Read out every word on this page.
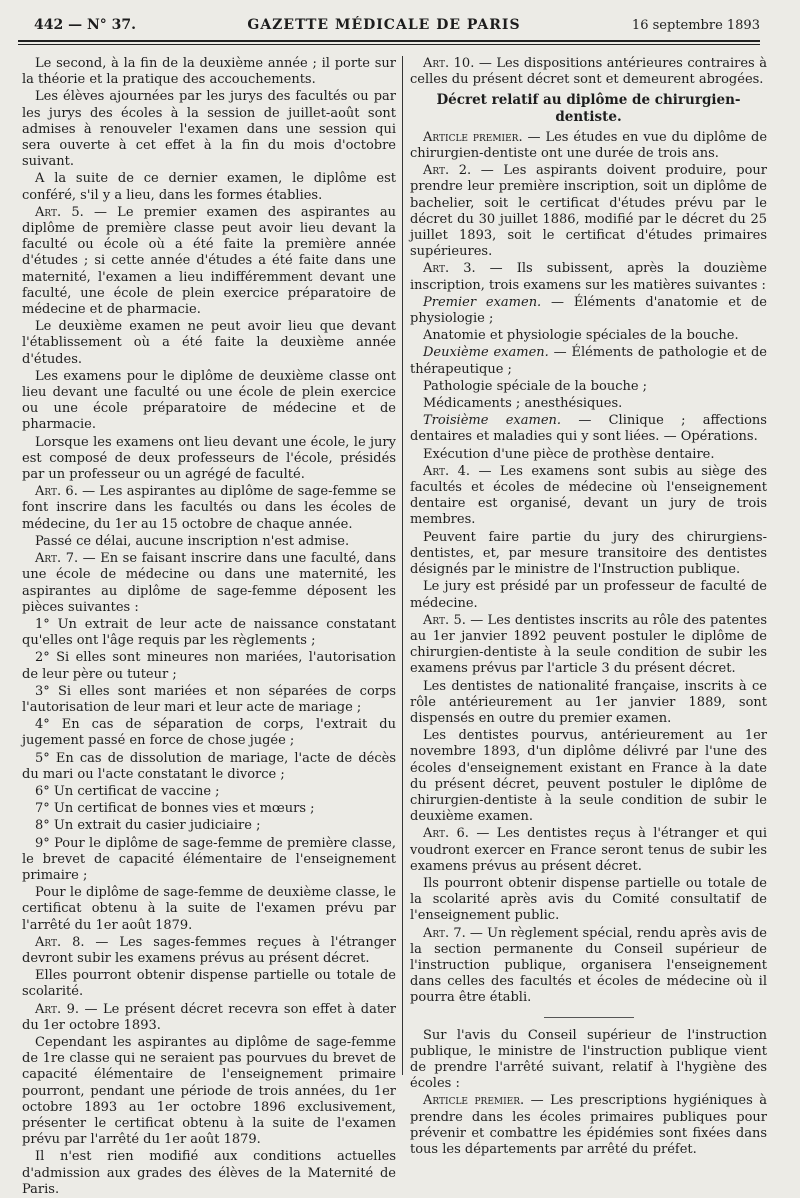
442 — N° 37.	GAZETTE MÉDICALE DE PARIS	16 septembre 1893

Le second, à la fin de la deuxième année ; il porte sur la théorie et la pratique des accouchements.

Les élèves ajournées par les jurys des facultés ou par les jurys des écoles à la session de juillet-août sont admises à renouveler l'examen dans une session qui sera ouverte à cet effet à la fin du mois d'octobre suivant.

A la suite de ce dernier examen, le diplôme est conféré, s'il y a lieu, dans les formes établies.

Art. 5. — Le premier examen des aspirantes au diplôme de première classe peut avoir lieu devant la faculté ou école où a été faite la première année d'études ; si cette année d'études a été faite dans une maternité, l'examen a lieu indifféremment devant une faculté, une école de plein exercice préparatoire de médecine et de pharmacie.

Le deuxième examen ne peut avoir lieu que devant l'établissement où a été faite la deuxième année d'études.

Les examens pour le diplôme de deuxième classe ont lieu devant une faculté ou une école de plein exercice ou une école préparatoire de médecine et de pharmacie.

Lorsque les examens ont lieu devant une école, le jury est composé de deux professeurs de l'école, présidés par un professeur ou un agrégé de faculté.

Art. 6. — Les aspirantes au diplôme de sage-femme se font inscrire dans les facultés ou dans les écoles de médecine, du 1er au 15 octobre de chaque année.

Passé ce délai, aucune inscription n'est admise.

Art. 7. — En se faisant inscrire dans une faculté, dans une école de médecine ou dans une maternité, les aspirantes au diplôme de sage-femme déposent les pièces suivantes :

1° Un extrait de leur acte de naissance constatant qu'elles ont l'âge requis par les règlements ;

2° Si elles sont mineures non mariées, l'autorisation de leur père ou tuteur ;

3° Si elles sont mariées et non séparées de corps l'autorisation de leur mari et leur acte de mariage ;

4° En cas de séparation de corps, l'extrait du jugement passé en force de chose jugée ;

5° En cas de dissolution de mariage, l'acte de décès du mari ou l'acte constatant le divorce ;

6° Un certificat de vaccine ;

7° Un certificat de bonnes vies et mœurs ;

8° Un extrait du casier judiciaire ;

9° Pour le diplôme de sage-femme de première classe, le brevet de capacité élémentaire de l'enseignement primaire ;

Pour le diplôme de sage-femme de deuxième classe, le certificat obtenu à la suite de l'examen prévu par l'arrêté du 1er août 1879.

Art. 8. — Les sages-femmes reçues à l'étranger devront subir les examens prévus au présent décret.

Elles pourront obtenir dispense partielle ou totale de scolarité.

Art. 9. — Le présent décret recevra son effet à dater du 1er octobre 1893.

Cependant les aspirantes au diplôme de sage-femme de 1re classe qui ne seraient pas pourvues du brevet de capacité élémentaire de l'enseignement primaire pourront, pendant une période de trois années, du 1er octobre 1893 au 1er octobre 1896 exclusivement, présenter le certificat obtenu à la suite de l'examen prévu par l'arrêté du 1er août 1879.

Il n'est rien modifié aux conditions actuelles d'admission aux grades des élèves de la Maternité de Paris.

Art. 10. — Les dispositions antérieures contraires à celles du présent décret sont et demeurent abrogées.

Décret relatif au diplôme de chirurgien-dentiste.

Article premier. — Les études en vue du diplôme de chirurgien-dentiste ont une durée de trois ans.

Art. 2. — Les aspirants doivent produire, pour prendre leur première inscription, soit un diplôme de bachelier, soit le certificat d'études prévu par le décret du 30 juillet 1886, modifié par le décret du 25 juillet 1893, soit le certificat d'études primaires supérieures.

Art. 3. — Ils subissent, après la douzième inscription, trois examens sur les matières suivantes :

Premier examen. — Éléments d'anatomie et de physiologie ;

Anatomie et physiologie spéciales de la bouche.

Deuxième examen. — Éléments de pathologie et de thérapeutique ;

Pathologie spéciale de la bouche ;

Médicaments ; anesthésiques.

Troisième examen. — Clinique ; affections dentaires et maladies qui y sont liées. — Opérations.

Exécution d'une pièce de prothèse dentaire.

Art. 4. — Les examens sont subis au siège des facultés et écoles de médecine où l'enseignement dentaire est organisé, devant un jury de trois membres.

Peuvent faire partie du jury des chirurgiens-dentistes, et, par mesure transitoire des dentistes désignés par le ministre de l'Instruction publique.

Le jury est présidé par un professeur de faculté de médecine.

Art. 5. — Les dentistes inscrits au rôle des patentes au 1er janvier 1892 peuvent postuler le diplôme de chirurgien-dentiste à la seule condition de subir les examens prévus par l'article 3 du présent décret.

Les dentistes de nationalité française, inscrits à ce rôle antérieurement au 1er janvier 1889, sont dispensés en outre du premier examen.

Les dentistes pourvus, antérieurement au 1er novembre 1893, d'un diplôme délivré par l'une des écoles d'enseignement existant en France à la date du présent décret, peuvent postuler le diplôme de chirurgien-dentiste à la seule condition de subir le deuxième examen.

Art. 6. — Les dentistes reçus à l'étranger et qui voudront exercer en France seront tenus de subir les examens prévus au présent décret.

Ils pourront obtenir dispense partielle ou totale de la scolarité après avis du Comité consultatif de l'enseignement public.

Art. 7. — Un règlement spécial, rendu après avis de la section permanente du Conseil supérieur de l'instruction publique, organisera l'enseignement dans celles des facultés et écoles de médecine où il pourra être établi.

Sur l'avis du Conseil supérieur de l'instruction publique, le ministre de l'instruction publique vient de prendre l'arrêté suivant, relatif à l'hygiène des écoles :

Article premier. — Les prescriptions hygiéniques à prendre dans les écoles primaires publiques pour prévenir et combattre les épidémies sont fixées dans tous les départements par arrêté du préfet.
